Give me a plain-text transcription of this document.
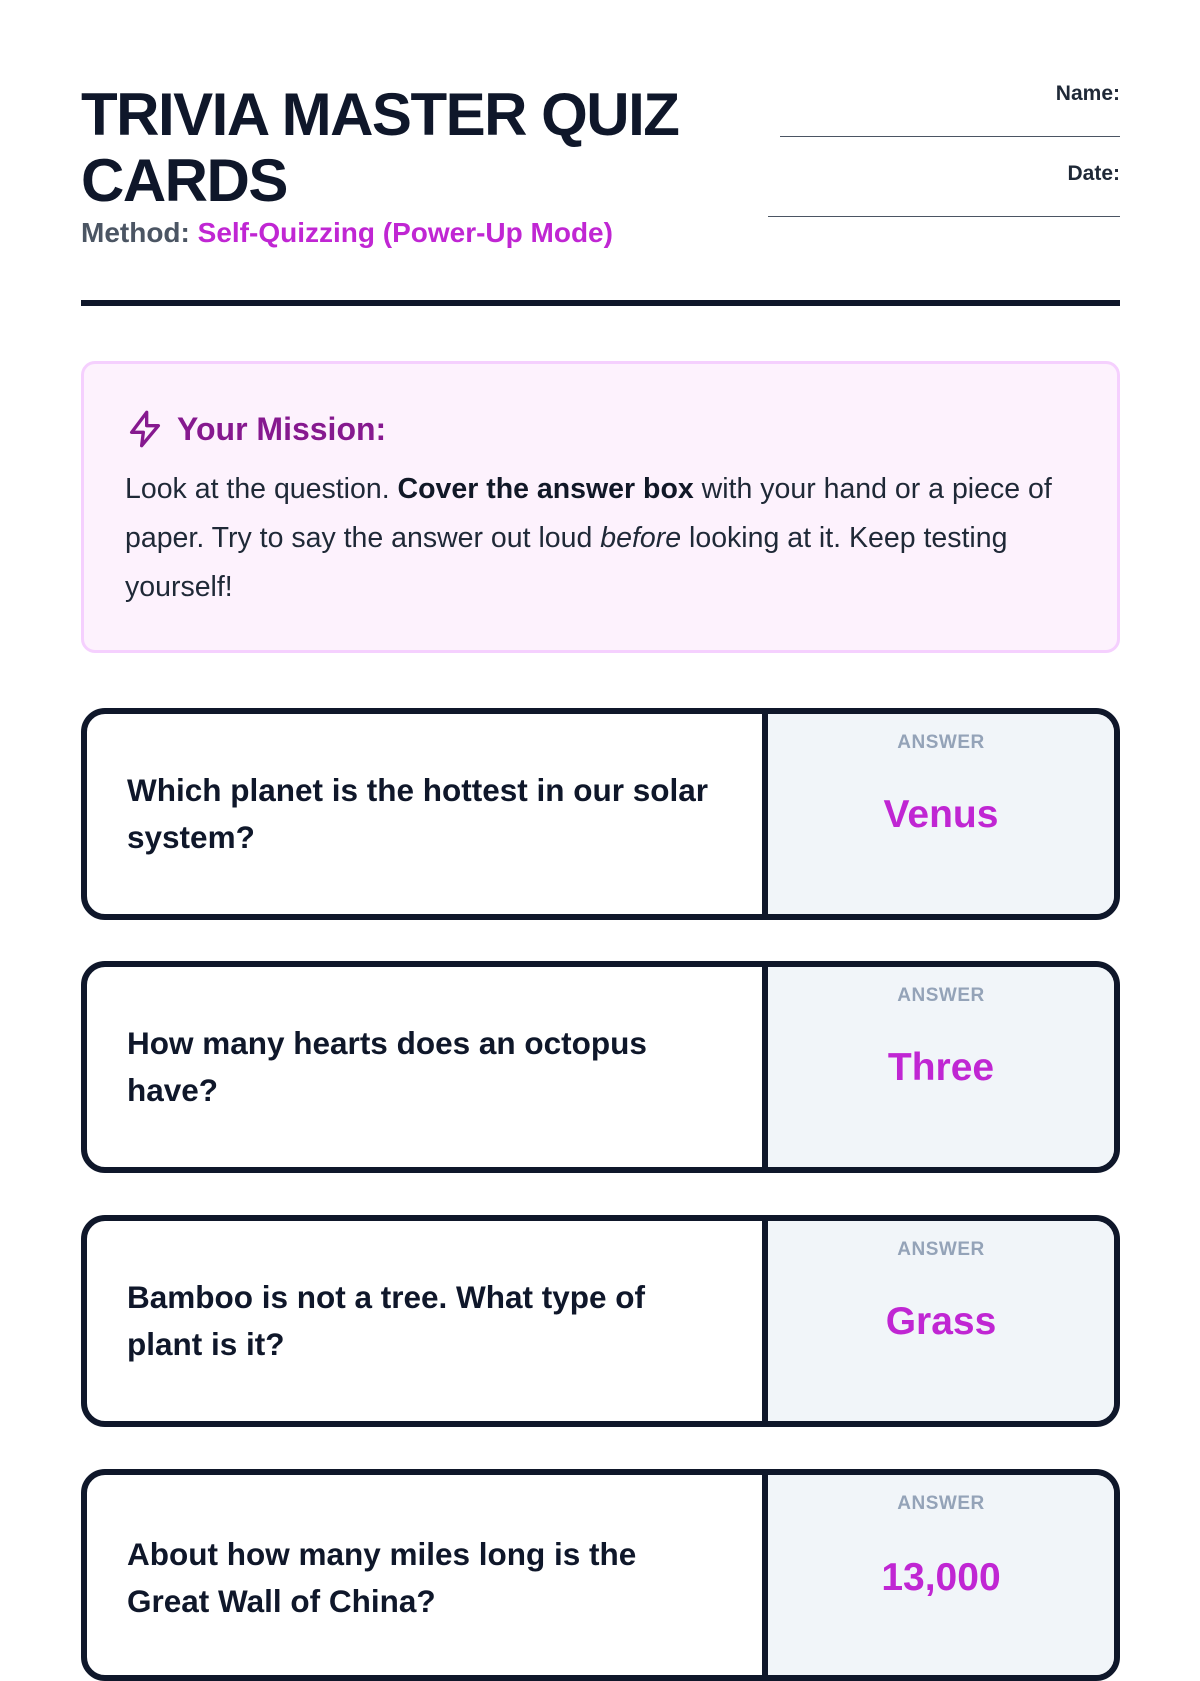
TRIVIA MASTER QUIZ CARDS
Method: Self-Quizzing (Power-Up Mode)
Name:
Date:
Your Mission:

Look at the question. Cover the answer box with your hand or a piece of paper. Try to say the answer out loud before looking at it. Keep testing yourself!

Which planet is the hottest in our solar system?

ANSWER
Venus

How many hearts does an octopus have?

ANSWER
Three

Bamboo is not a tree. What type of plant is it?

ANSWER
Grass

About how many miles long is the Great Wall of China?

ANSWER
13,000
